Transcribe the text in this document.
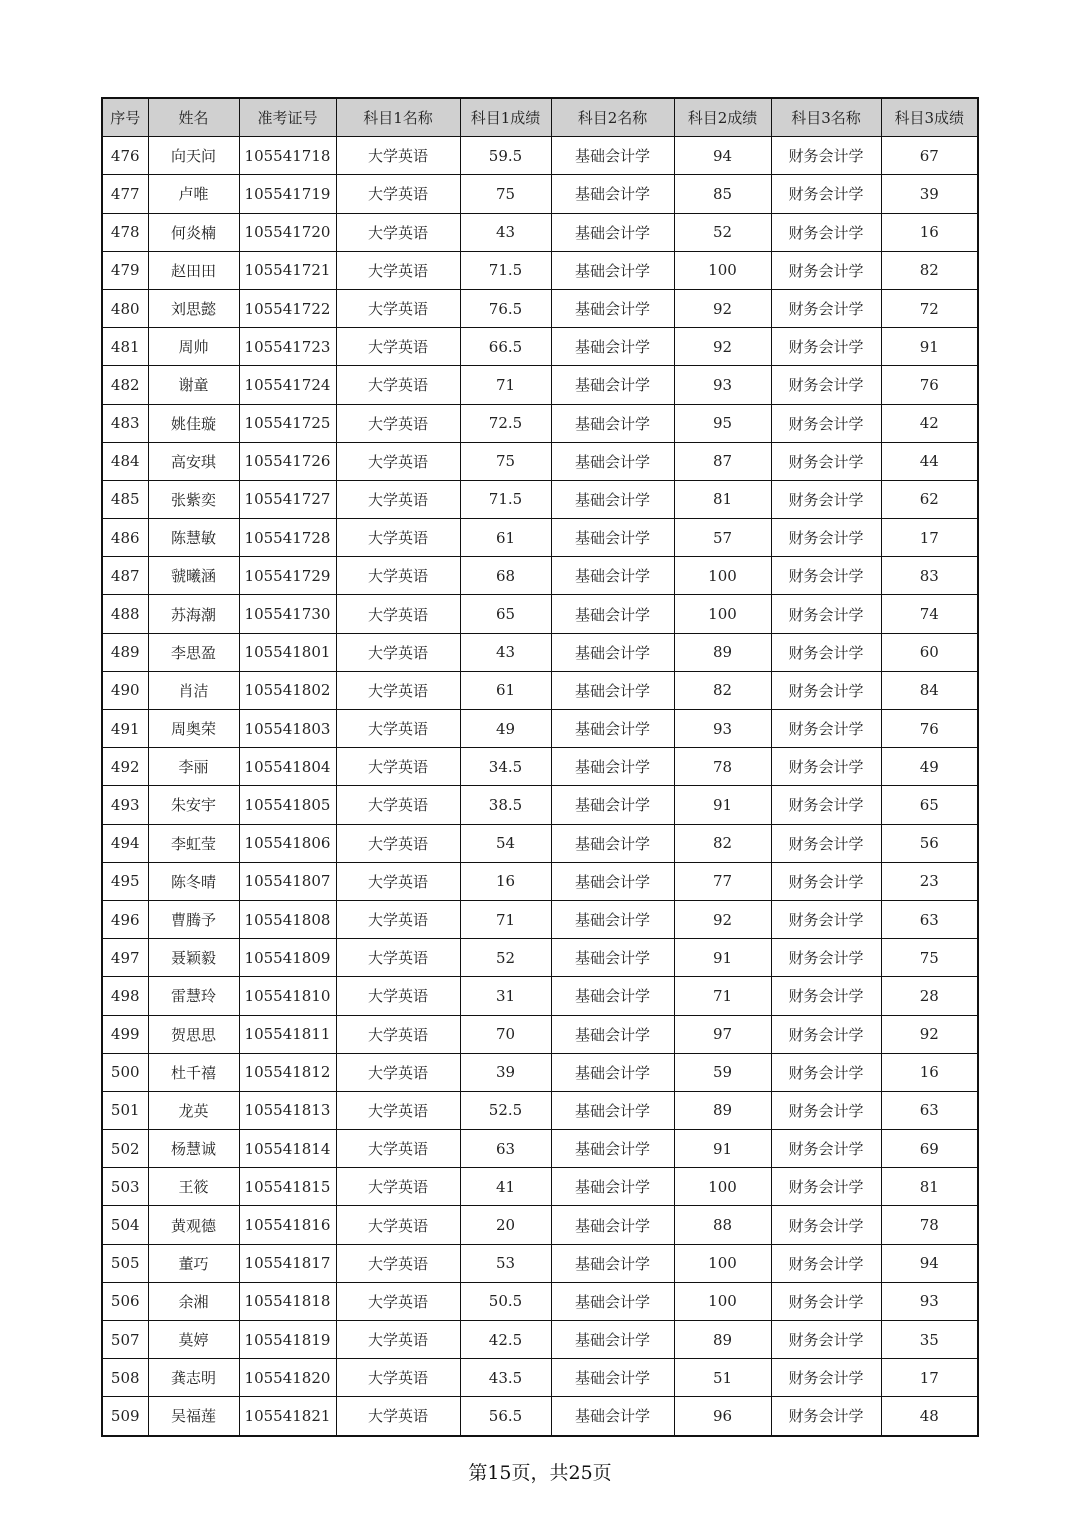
序号	姓名	准考证号	科目1名称	科目1成绩	科目2名称	科目2成绩	科目3名称	科目3成绩
476	向天问	105541718	大学英语	59.5	基础会计学	94	财务会计学	67
477	卢唯	105541719	大学英语	75	基础会计学	85	财务会计学	39
478	何炎楠	105541720	大学英语	43	基础会计学	52	财务会计学	16
479	赵田田	105541721	大学英语	71.5	基础会计学	100	财务会计学	82
480	刘思懿	105541722	大学英语	76.5	基础会计学	92	财务会计学	72
481	周帅	105541723	大学英语	66.5	基础会计学	92	财务会计学	91
482	谢童	105541724	大学英语	71	基础会计学	93	财务会计学	76
483	姚佳璇	105541725	大学英语	72.5	基础会计学	95	财务会计学	42
484	高安琪	105541726	大学英语	75	基础会计学	87	财务会计学	44
485	张紫奕	105541727	大学英语	71.5	基础会计学	81	财务会计学	62
486	陈慧敏	105541728	大学英语	61	基础会计学	57	财务会计学	17
487	虢曦涵	105541729	大学英语	68	基础会计学	100	财务会计学	83
488	苏海潮	105541730	大学英语	65	基础会计学	100	财务会计学	74
489	李思盈	105541801	大学英语	43	基础会计学	89	财务会计学	60
490	肖洁	105541802	大学英语	61	基础会计学	82	财务会计学	84
491	周奥荣	105541803	大学英语	49	基础会计学	93	财务会计学	76
492	李丽	105541804	大学英语	34.5	基础会计学	78	财务会计学	49
493	朱安宇	105541805	大学英语	38.5	基础会计学	91	财务会计学	65
494	李虹莹	105541806	大学英语	54	基础会计学	82	财务会计学	56
495	陈冬晴	105541807	大学英语	16	基础会计学	77	财务会计学	23
496	曹腾予	105541808	大学英语	71	基础会计学	92	财务会计学	63
497	聂颖毅	105541809	大学英语	52	基础会计学	91	财务会计学	75
498	雷慧玲	105541810	大学英语	31	基础会计学	71	财务会计学	28
499	贺思思	105541811	大学英语	70	基础会计学	97	财务会计学	92
500	杜千禧	105541812	大学英语	39	基础会计学	59	财务会计学	16
501	龙英	105541813	大学英语	52.5	基础会计学	89	财务会计学	63
502	杨慧诚	105541814	大学英语	63	基础会计学	91	财务会计学	69
503	王筱	105541815	大学英语	41	基础会计学	100	财务会计学	81
504	黄观德	105541816	大学英语	20	基础会计学	88	财务会计学	78
505	董巧	105541817	大学英语	53	基础会计学	100	财务会计学	94
506	余湘	105541818	大学英语	50.5	基础会计学	100	财务会计学	93
507	莫婷	105541819	大学英语	42.5	基础会计学	89	财务会计学	35
508	龚志明	105541820	大学英语	43.5	基础会计学	51	财务会计学	17
509	吴福莲	105541821	大学英语	56.5	基础会计学	96	财务会计学	48
第15页，共25页
